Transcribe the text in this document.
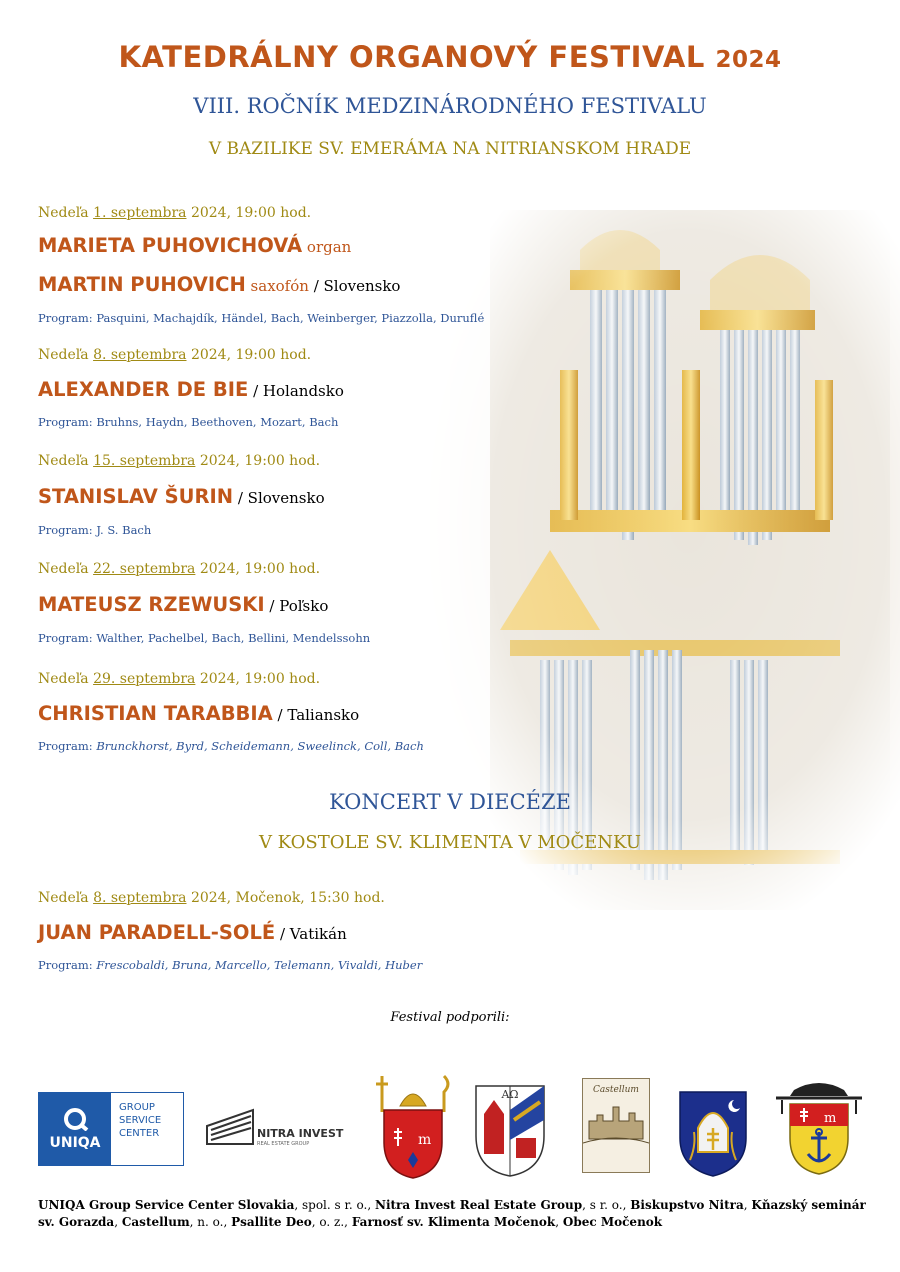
KATEDRÁLNY ORGANOVÝ FESTIVAL 2024
VIII. ROČNÍK MEDZINÁRODNÉHO FESTIVALU
V BAZILIKE SV. EMERÁMA NA NITRIANSKOM HRADE
Nedeľa 1. septembra 2024, 19:00 hod.
MARIETA PUHOVICHOVÁ organ
MARTIN PUHOVICH saxofón / Slovensko
Program: Pasquini, Machajdík, Händel, Bach, Weinberger, Piazzolla, Duruflé
Nedeľa 8. septembra 2024, 19:00 hod.
ALEXANDER DE BIE / Holandsko
Program: Bruhns, Haydn, Beethoven, Mozart, Bach
Nedeľa 15. septembra 2024, 19:00 hod.
STANISLAV ŠURIN / Slovensko
Program: J. S. Bach
Nedeľa 22. septembra 2024, 19:00 hod.
MATEUSZ RZEWUSKI / Poľsko
Program: Walther, Pachelbel, Bach, Bellini, Mendelssohn
Nedeľa 29. septembra 2024, 19:00 hod.
CHRISTIAN TARABBIA / Taliansko
Program: Brunckhorst, Byrd, Scheidemann, Sweelinck, Coll, Bach
KONCERT V DIECÉZE
V KOSTOLE SV. KLIMENTA V MOČENKU
Nedeľa 8. septembra 2024, Močenok, 15:30 hod.
JUAN PARADELL-SOLÉ / Vatikán
Program: Frescobaldi, Bruna, Marcello, Telemann, Vivaldi, Huber
Festival podporili:
UNIQA
GROUP
SERVICE
CENTER	NITRA INVEST
REAL ESTATE GROUP	m
AΩ	Castellum
m
UNIQA Group Service Center Slovakia, spol. s r. o., Nitra Invest Real Estate Group, s r. o., Biskupstvo Nitra, Kňazský seminár sv. Gorazda, Castellum, n. o., Psallite Deo, o. z., Farnosť sv. Klimenta Močenok, Obec Močenok
